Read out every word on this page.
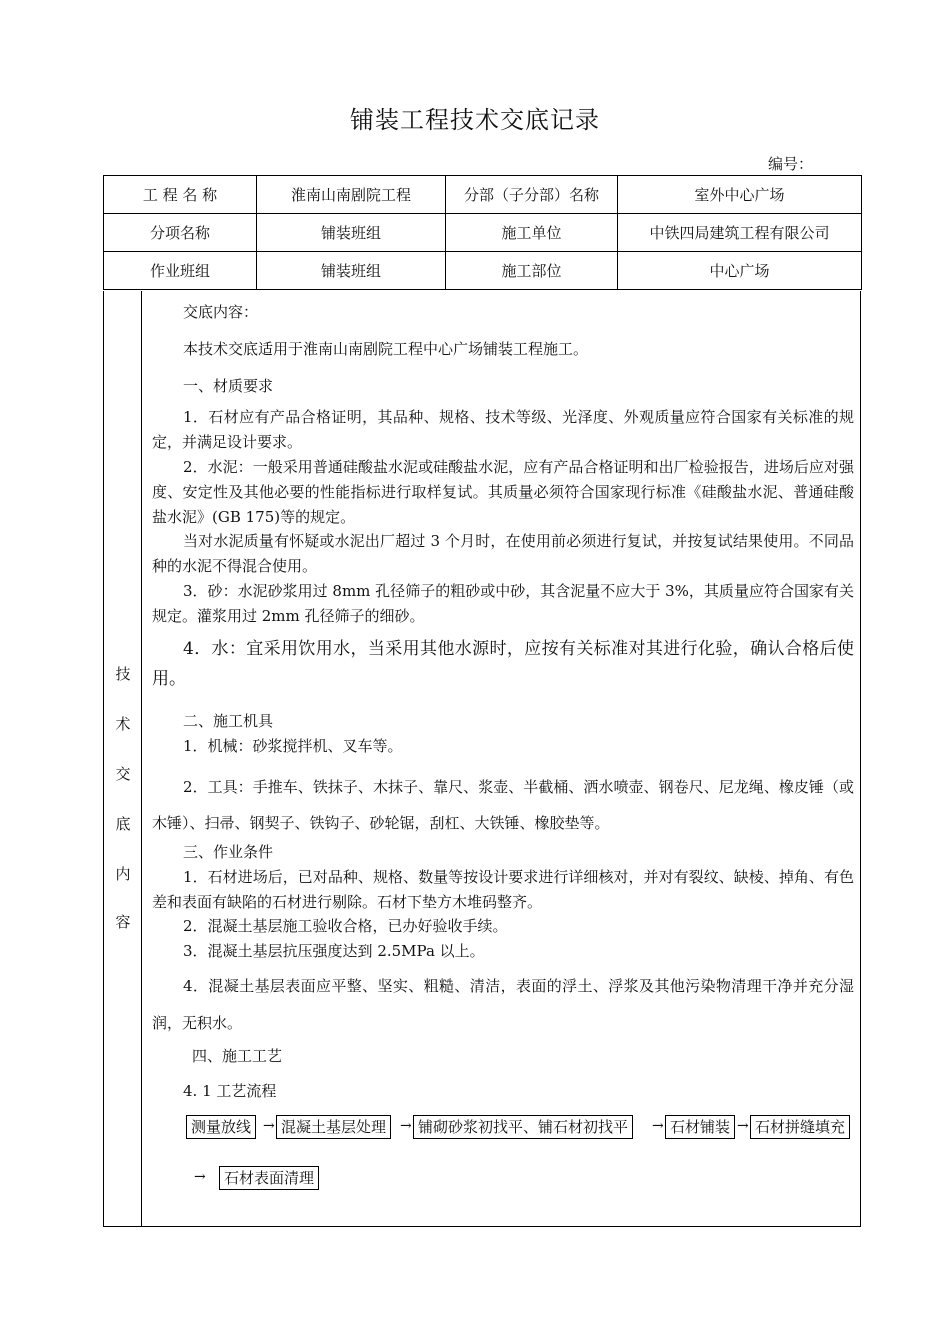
铺装工程技术交底记录
编号：
工 程 名 称	淮南山南剧院工程	分部（子分部）名称	室外中心广场
分项名称	铺装班组	施工单位	中铁四局建筑工程有限公司
作业班组	铺装班组	施工部位	中心广场
技
术
交
底
内
容
交底内容：
本技术交底适用于淮南山南剧院工程中心广场铺装工程施工。
一、材质要求
1．石材应有产品合格证明，其品种、规格、技术等级、光泽度、外观质量应符合国家有关标准的规定，并满足设计要求。
2．水泥：一般采用普通硅酸盐水泥或硅酸盐水泥，应有产品合格证明和出厂检验报告，进场后应对强度、安定性及其他必要的性能指标进行取样复试。其质量必须符合国家现行标准《硅酸盐水泥、普通硅酸盐水泥》(GB 175)等的规定。
当对水泥质量有怀疑或水泥出厂超过 3 个月时，在使用前必须进行复试，并按复试结果使用。不同品种的水泥不得混合使用。
3．砂：水泥砂浆用过 8mm 孔径筛子的粗砂或中砂，其含泥量不应大于 3%，其质量应符合国家有关规定。灌浆用过 2mm 孔径筛子的细砂。
4．水：宜采用饮用水，当采用其他水源时，应按有关标准对其进行化验，确认合格后使用。
二、施工机具
1．机械：砂浆搅拌机、叉车等。
2．工具：手推车、铁抹子、木抹子、靠尺、浆壶、半截桶、洒水喷壶、钢卷尺、尼龙绳、橡皮锤（或木锤）、扫帚、钢契子、铁钩子、砂轮锯，刮杠、大铁锤、橡胶垫等。
三、作业条件
1．石材进场后，已对品种、规格、数量等按设计要求进行详细核对，并对有裂纹、缺棱、掉角、有色差和表面有缺陷的石材进行剔除。石材下垫方木堆码整齐。
2．混凝土基层施工验收合格，已办好验收手续。
3．混凝土基层抗压强度达到 2.5MPa 以上。
4．混凝土基层表面应平整、坚实、粗糙、清洁，表面的浮土、浮浆及其他污染物清理干净并充分湿润，无积水。
四、施工工艺
4. 1 工艺流程
测量放线 → 混凝土基层处理 → 铺砌砂浆初找平、铺石材初找平	→ 石材铺装 → 石材拼缝填充
→	石材表面清理
